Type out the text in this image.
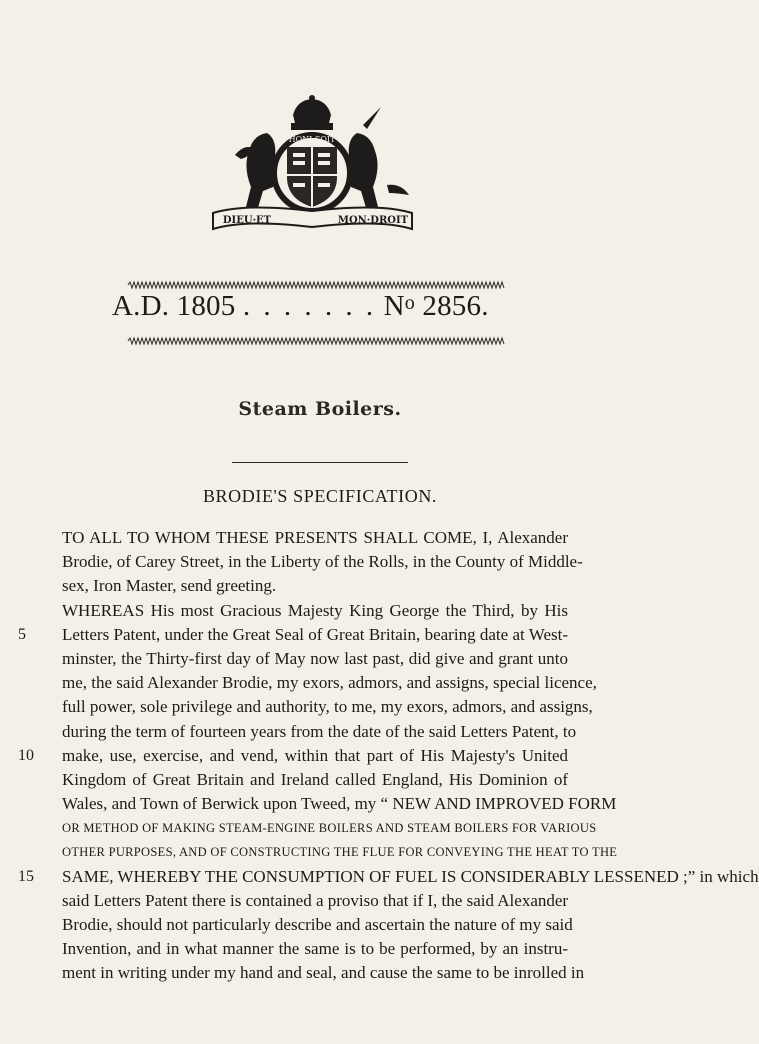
HONI·SOIT
DIEU·ET	MON·DROIT
A.D. 1805 . . . . . . . $N^o$ 2856.
Steam Boilers.
BRODIE'S SPECIFICATION.
TO ALL TO WHOM THESE PRESENTS SHALL COME, I, Alexander
Brodie, of Carey Street, in the Liberty of the Rolls, in the County of Middle-
sex, Iron Master, send greeting.
WHEREAS His most Gracious Majesty King George the Third, by His
5	Letters Patent, under the Great Seal of Great Britain, bearing date at West-
minster, the Thirty-first day of May now last past, did give and grant unto
me, the said Alexander Brodie, my exors, admors, and assigns, special licence,
full power, sole privilege and authority, to me, my exors, admors, and assigns,
during the term of fourteen years from the date of the said Letters Patent, to
10 make, use, exercise, and vend, within that part of His Majesty's United
Kingdom of Great Britain and Ireland called England, His Dominion of
Wales, and Town of Berwick upon Tweed, my “ NEW AND IMPROVED FORM
OR METHOD OF MAKING STEAM-ENGINE BOILERS AND STEAM BOILERS FOR VARIOUS
OTHER PURPOSES, AND OF CONSTRUCTING THE FLUE FOR CONVEYING THE HEAT TO THE
15 SAME, WHEREBY THE CONSUMPTION OF FUEL IS CONSIDERABLY LESSENED ;” in which
said Letters Patent there is contained a proviso that if I, the said Alexander
Brodie, should not particularly describe and ascertain the nature of my said
Invention, and in what manner the same is to be performed, by an instru-
ment in writing under my hand and seal, and cause the same to be inrolled in
